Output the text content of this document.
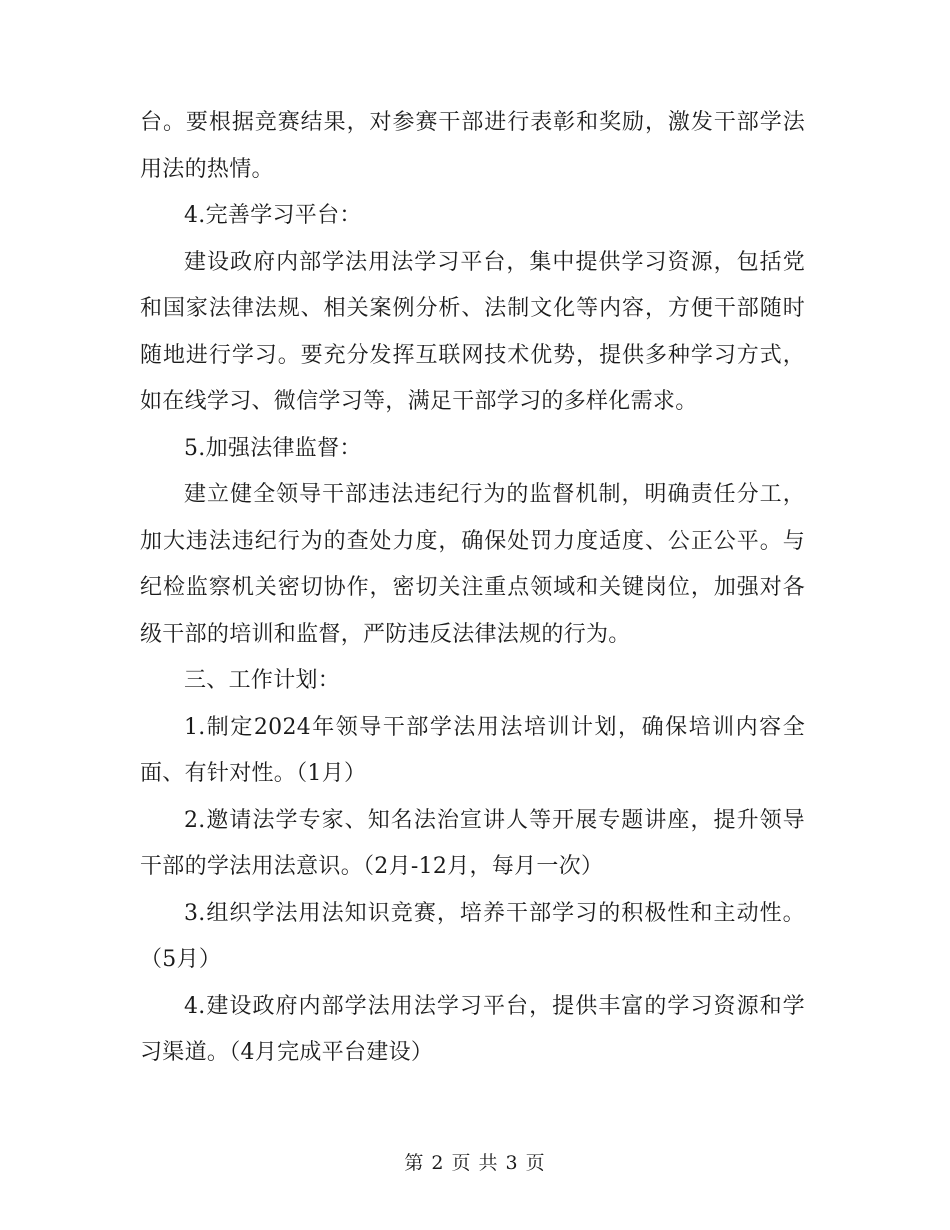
台。要根据竞赛结果，对参赛干部进行表彰和奖励，激发干部学法用法的热情。

4.完善学习平台：

建设政府内部学法用法学习平台，集中提供学习资源，包括党和国家法律法规、相关案例分析、法制文化等内容，方便干部随时随地进行学习。要充分发挥互联网技术优势，提供多种学习方式，如在线学习、微信学习等，满足干部学习的多样化需求。

5.加强法律监督：

建立健全领导干部违法违纪行为的监督机制，明确责任分工，加大违法违纪行为的查处力度，确保处罚力度适度、公正公平。与纪检监察机关密切协作，密切关注重点领域和关键岗位，加强对各级干部的培训和监督，严防违反法律法规的行为。

三、工作计划：

1.制定2024年领导干部学法用法培训计划，确保培训内容全面、有针对性。（1月）

2.邀请法学专家、知名法治宣讲人等开展专题讲座，提升领导干部的学法用法意识。（2月-12月，每月一次）

3.组织学法用法知识竞赛，培养干部学习的积极性和主动性。（5月）

4.建设政府内部学法用法学习平台，提供丰富的学习资源和学习渠道。（4月完成平台建设）

第 2 页 共 3 页
